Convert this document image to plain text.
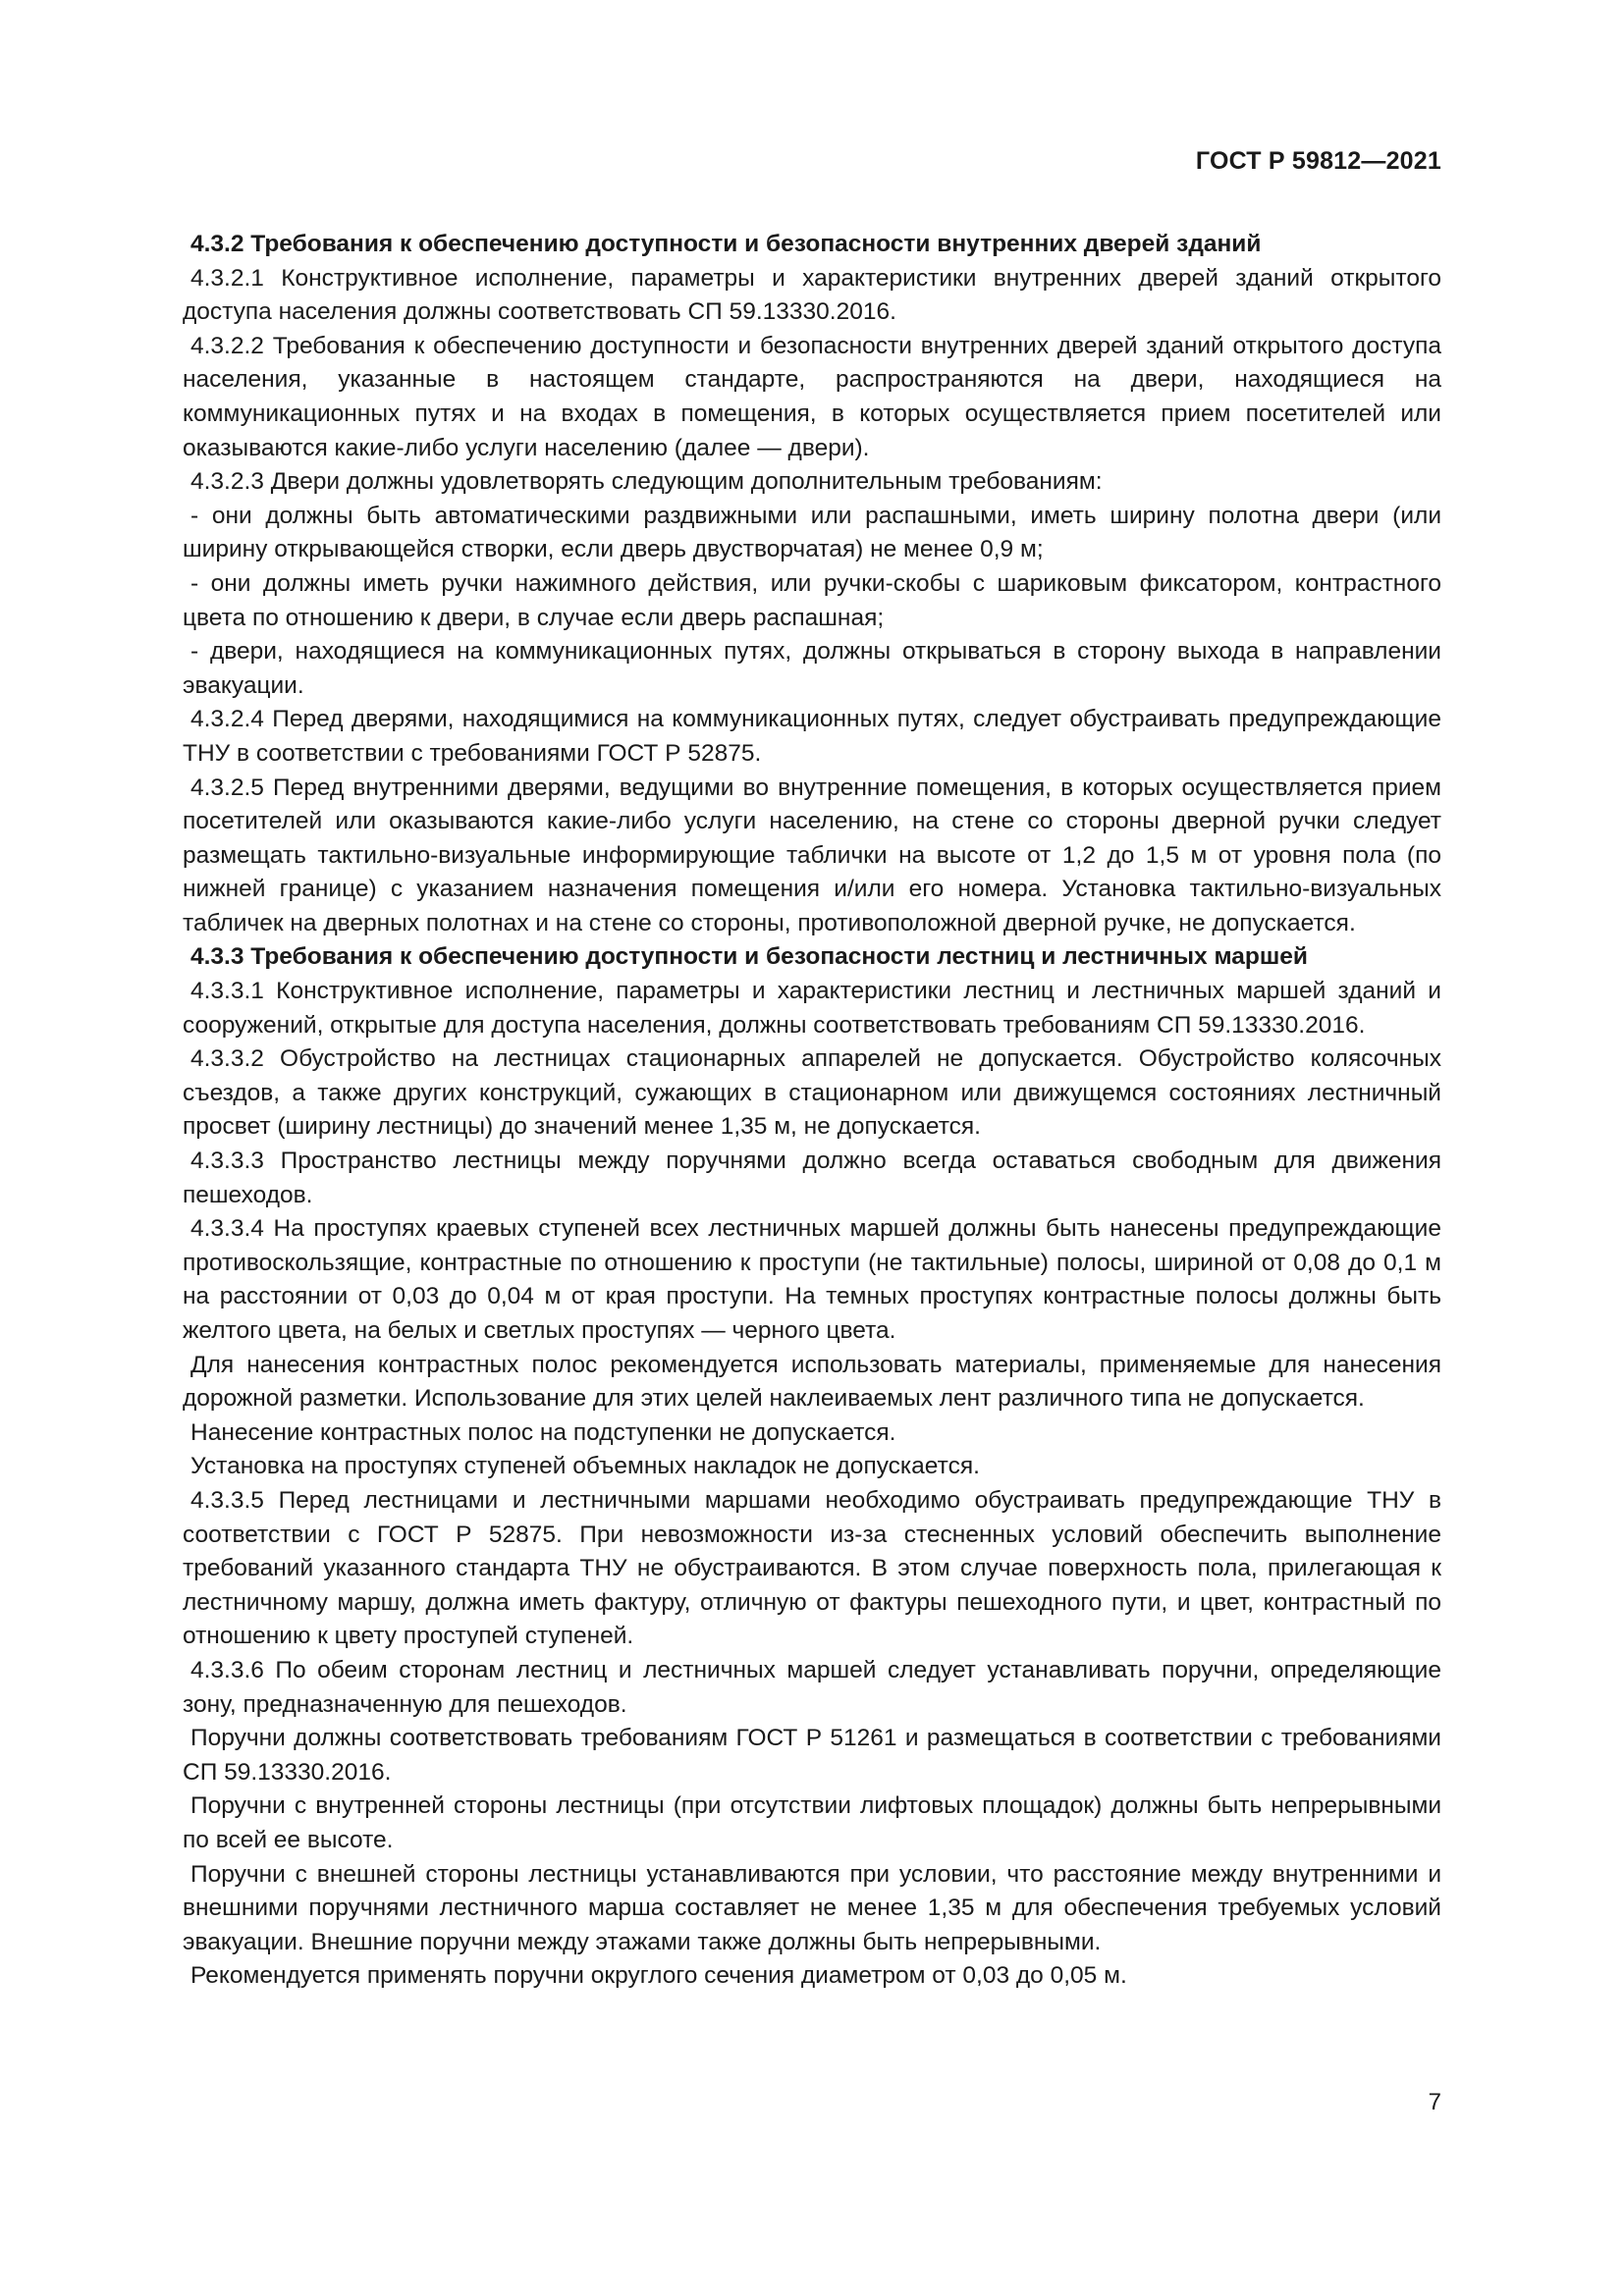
ГОСТ Р 59812—2021

4.3.2 Требования к обеспечению доступности и безопасности внутренних дверей зданий

4.3.2.1 Конструктивное исполнение, параметры и характеристики внутренних дверей зданий открытого доступа населения должны соответствовать СП 59.13330.2016.

4.3.2.2 Требования к обеспечению доступности и безопасности внутренних дверей зданий открытого доступа населения, указанные в настоящем стандарте, распространяются на двери, находящиеся на коммуникационных путях и на входах в помещения, в которых осуществляется прием посетителей или оказываются какие-либо услуги населению (далее — двери).

4.3.2.3 Двери должны удовлетворять следующим дополнительным требованиям:

- они должны быть автоматическими раздвижными или распашными, иметь ширину полотна двери (или ширину открывающейся створки, если дверь двустворчатая) не менее 0,9 м;

- они должны иметь ручки нажимного действия, или ручки-скобы с шариковым фиксатором, контрастного цвета по отношению к двери, в случае если дверь распашная;

- двери, находящиеся на коммуникационных путях, должны открываться в сторону выхода в направлении эвакуации.

4.3.2.4 Перед дверями, находящимися на коммуникационных путях, следует обустраивать предупреждающие ТНУ в соответствии с требованиями ГОСТ Р 52875.

4.3.2.5 Перед внутренними дверями, ведущими во внутренние помещения, в которых осуществляется прием посетителей или оказываются какие-либо услуги населению, на стене со стороны дверной ручки следует размещать тактильно-визуальные информирующие таблички на высоте от 1,2 до 1,5 м от уровня пола (по нижней границе) с указанием назначения помещения и/или его номера. Установка тактильно-визуальных табличек на дверных полотнах и на стене со стороны, противоположной дверной ручке, не допускается.

4.3.3 Требования к обеспечению доступности и безопасности лестниц и лестничных маршей

4.3.3.1 Конструктивное исполнение, параметры и характеристики лестниц и лестничных маршей зданий и сооружений, открытые для доступа населения, должны соответствовать требованиям СП 59.13330.2016.

4.3.3.2 Обустройство на лестницах стационарных аппарелей не допускается. Обустройство колясочных съездов, а также других конструкций, сужающих в стационарном или движущемся состояниях лестничный просвет (ширину лестницы) до значений менее 1,35 м, не допускается.

4.3.3.3 Пространство лестницы между поручнями должно всегда оставаться свободным для движения пешеходов.

4.3.3.4 На проступях краевых ступеней всех лестничных маршей должны быть нанесены предупреждающие противоскользящие, контрастные по отношению к проступи (не тактильные) полосы, шириной от 0,08 до 0,1 м на расстоянии от 0,03 до 0,04 м от края проступи. На темных проступях контрастные полосы должны быть желтого цвета, на белых и светлых проступях — черного цвета.

Для нанесения контрастных полос рекомендуется использовать материалы, применяемые для нанесения дорожной разметки. Использование для этих целей наклеиваемых лент различного типа не допускается.

Нанесение контрастных полос на подступенки не допускается.

Установка на проступях ступеней объемных накладок не допускается.

4.3.3.5 Перед лестницами и лестничными маршами необходимо обустраивать предупреждающие ТНУ в соответствии с ГОСТ Р 52875. При невозможности из-за стесненных условий обеспечить выполнение требований указанного стандарта ТНУ не обустраиваются. В этом случае поверхность пола, прилегающая к лестничному маршу, должна иметь фактуру, отличную от фактуры пешеходного пути, и цвет, контрастный по отношению к цвету проступей ступеней.

4.3.3.6 По обеим сторонам лестниц и лестничных маршей следует устанавливать поручни, определяющие зону, предназначенную для пешеходов.

Поручни должны соответствовать требованиям ГОСТ Р 51261 и размещаться в соответствии с требованиями СП 59.13330.2016.

Поручни с внутренней стороны лестницы (при отсутствии лифтовых площадок) должны быть непрерывными по всей ее высоте.

Поручни с внешней стороны лестницы устанавливаются при условии, что расстояние между внутренними и внешними поручнями лестничного марша составляет не менее 1,35 м для обеспечения требуемых условий эвакуации. Внешние поручни между этажами также должны быть непрерывными.

Рекомендуется применять поручни округлого сечения диаметром от 0,03 до 0,05 м.

7
